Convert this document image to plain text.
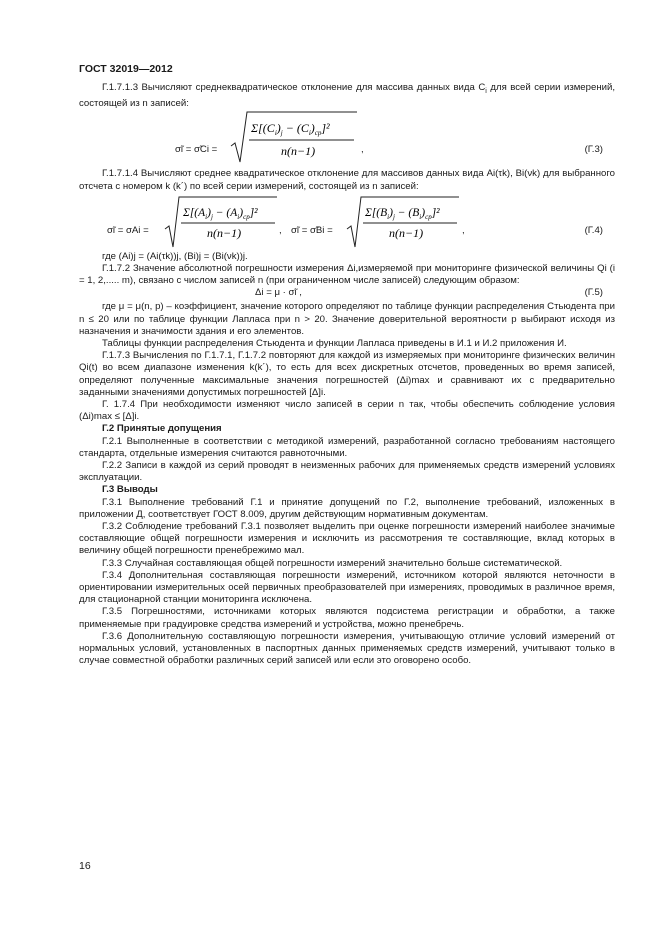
ГОСТ 32019—2012

Г.1.7.1.3 Вычисляют среднеквадратическое отклонение для массива данных вида $C_i$ для всей серии измерений, состоящей из n записей:

σ̃i = σ̃Ci =
$\Sigma[(C_i)_j - (C_i)_{ср}]^2$
n(n−1)	,	(Г.3)

Г.1.7.1.4 Вычисляют среднее квадратическое отклонение для массивов данных вида Ai(τk), Bi(νk) для выбранного отсчета с номером k (k´) по всей серии измерений, состоящей из n записей:

σ̃i = σAi =
$\Sigma[(A_i)_j - (A_i)_{ср}]^2$
n(n−1)	, σ̃i = σ̃Bi =
$\Sigma[(B_i)_j - (B_i)_{ср}]^2$
n(n−1)	,	(Г.4)

где (Ai)j = (Ai(τk))j, (Bi)j = (Bi(νk))j.

Г.1.7.2 Значение абсолютной погрешности измерения Δi,измеряемой при мониторинге физической величины Qi (i = 1, 2,..... m), связано с числом записей n (при ограниченном числе записей) следующим образом:

Δi = μ · σ̃i ,	(Г.5)

где μ = μ(n, p) – коэффициент, значение которого определяют по таблице функции распределения Стьюдента при n ≤ 20 или по таблице функции Лапласа при n > 20. Значение доверительной вероятности p выбирают исходя из назначения и значимости здания и его элементов.

Таблицы функции распределения Стьюдента и функции Лапласа приведены в И.1 и И.2 приложения И.

Г.1.7.3 Вычисления по Г.1.7.1, Г.1.7.2 повторяют для каждой из измеряемых при мониторинге физических величин Qi(t) во всем диапазоне изменения k(k´), то есть для всех дискретных отсчетов, проведенных во время записей, определяют полученные максимальные значения погрешностей (Δi)max и сравнивают их с предварительно заданными значениями допустимых погрешностей [Δ]i.

Г. 1.7.4 При необходимости изменяют число записей в серии n так, чтобы обеспечить соблюдение условия (Δi)max ≤ [Δ]i.

Г.2 Принятые допущения

Г.2.1 Выполненные в соответствии с методикой измерений, разработанной согласно требованиям настоящего стандарта, отдельные измерения считаются равноточными.

Г.2.2 Записи в каждой из серий проводят в неизменных рабочих для применяемых средств измерений условиях эксплуатации.

Г.3 Выводы

Г.3.1 Выполнение требований Г.1 и принятие допущений по Г.2, выполнение требований, изложенных в приложении Д, соответствует ГОСТ 8.009, другим действующим нормативным документам.

Г.3.2 Соблюдение требований Г.3.1 позволяет выделить при оценке погрешности измерений наиболее значимые составляющие общей погрешности измерения и исключить из рассмотрения те составляющие, вклад которых в величину общей погрешности пренебрежимо мал.

Г.3.3 Случайная составляющая общей погрешности измерений значительно больше систематической.

Г.3.4 Дополнительная составляющая погрешности измерений, источником которой являются неточности в ориентировании измерительных осей первичных преобразователей при измерениях, проводимых в различное время, для стационарной станции мониторинга исключена.

Г.3.5 Погрешностями, источниками которых являются подсистема регистрации и обработки, а также применяемые при градуировке средства измерений и устройства, можно пренебречь.

Г.3.6 Дополнительную составляющую погрешности измерения, учитывающую отличие условий измерений от нормальных условий, установленных в паспортных данных применяемых средств измерений, учитывают только в случае совместной обработки различных серий записей или если это оговорено особо.

16
